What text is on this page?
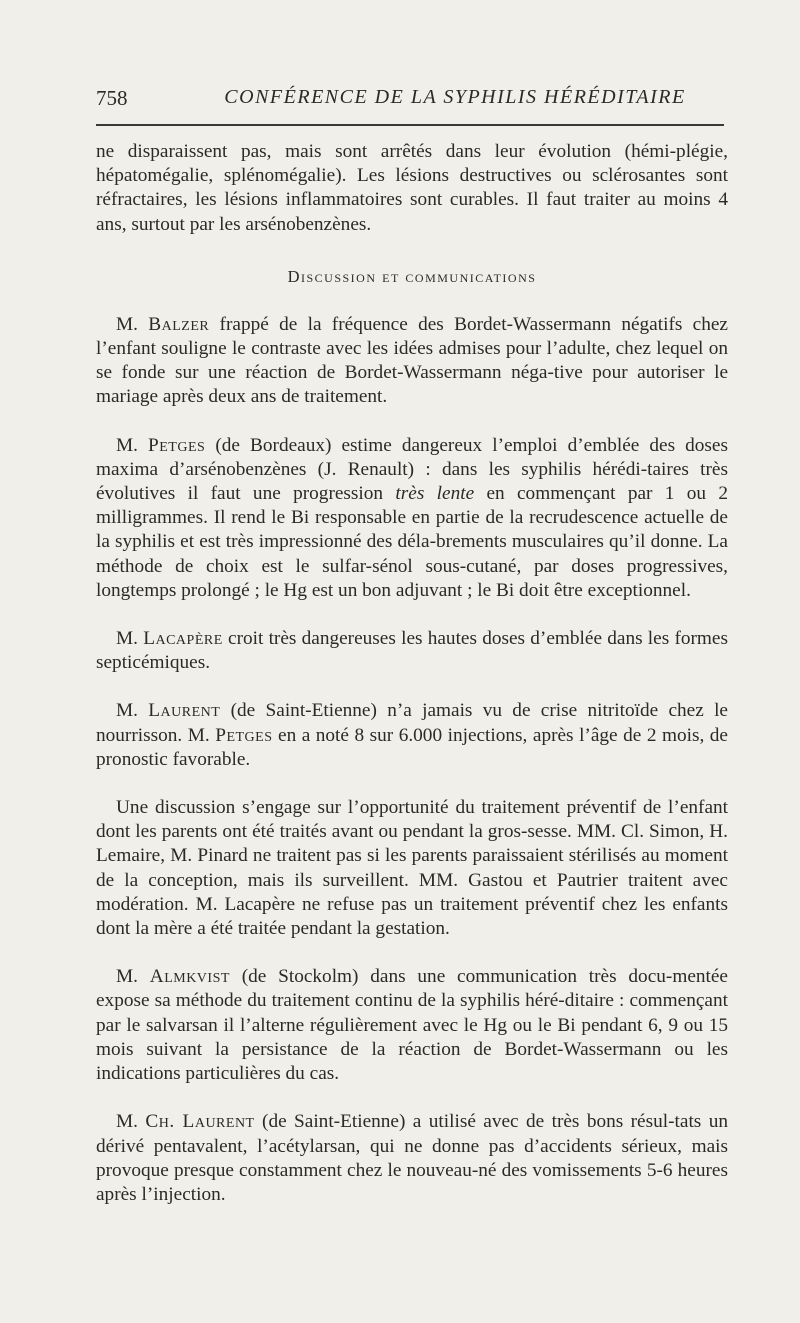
758	CONFÉRENCE DE LA SYPHILIS HÉRÉDITAIRE

ne disparaissent pas, mais sont arrêtés dans leur évolution (hémi-plégie, hépatomégalie, splénomégalie). Les lésions destructives ou sclérosantes sont réfractaires, les lésions inflammatoires sont curables. Il faut traiter au moins 4 ans, surtout par les arsénobenzènes.

Discussion et communications

M. Balzer frappé de la fréquence des Bordet-Wassermann négatifs chez l’enfant souligne le contraste avec les idées admises pour l’adulte, chez lequel on se fonde sur une réaction de Bordet-Wassermann néga-tive pour autoriser le mariage après deux ans de traitement.

M. Petges (de Bordeaux) estime dangereux l’emploi d’emblée des doses maxima d’arsénobenzènes (J. Renault) : dans les syphilis hérédi-taires très évolutives il faut une progression très lente en commençant par 1 ou 2 milligrammes. Il rend le Bi responsable en partie de la recrudescence actuelle de la syphilis et est très impressionné des déla-brements musculaires qu’il donne. La méthode de choix est le sulfar-sénol sous-cutané, par doses progressives, longtemps prolongé ; le Hg est un bon adjuvant ; le Bi doit être exceptionnel.

M. Lacapère croit très dangereuses les hautes doses d’emblée dans les formes septicémiques.

M. Laurent (de Saint-Etienne) n’a jamais vu de crise nitritoïde chez le nourrisson. M. Petges en a noté 8 sur 6.000 injections, après l’âge de 2 mois, de pronostic favorable.

Une discussion s’engage sur l’opportunité du traitement préventif de l’enfant dont les parents ont été traités avant ou pendant la gros-sesse. MM. Cl. Simon, H. Lemaire, M. Pinard ne traitent pas si les parents paraissaient stérilisés au moment de la conception, mais ils surveillent. MM. Gastou et Pautrier traitent avec modération. M. Lacapère ne refuse pas un traitement préventif chez les enfants dont la mère a été traitée pendant la gestation.

M. Almkvist (de Stockolm) dans une communication très docu-mentée expose sa méthode du traitement continu de la syphilis héré-ditaire : commençant par le salvarsan il l’alterne régulièrement avec le Hg ou le Bi pendant 6, 9 ou 15 mois suivant la persistance de la réaction de Bordet-Wassermann ou les indications particulières du cas.

M. Ch. Laurent (de Saint-Etienne) a utilisé avec de très bons résul-tats un dérivé pentavalent, l’acétylarsan, qui ne donne pas d’accidents sérieux, mais provoque presque constamment chez le nouveau-né des vomissements 5-6 heures après l’injection.
